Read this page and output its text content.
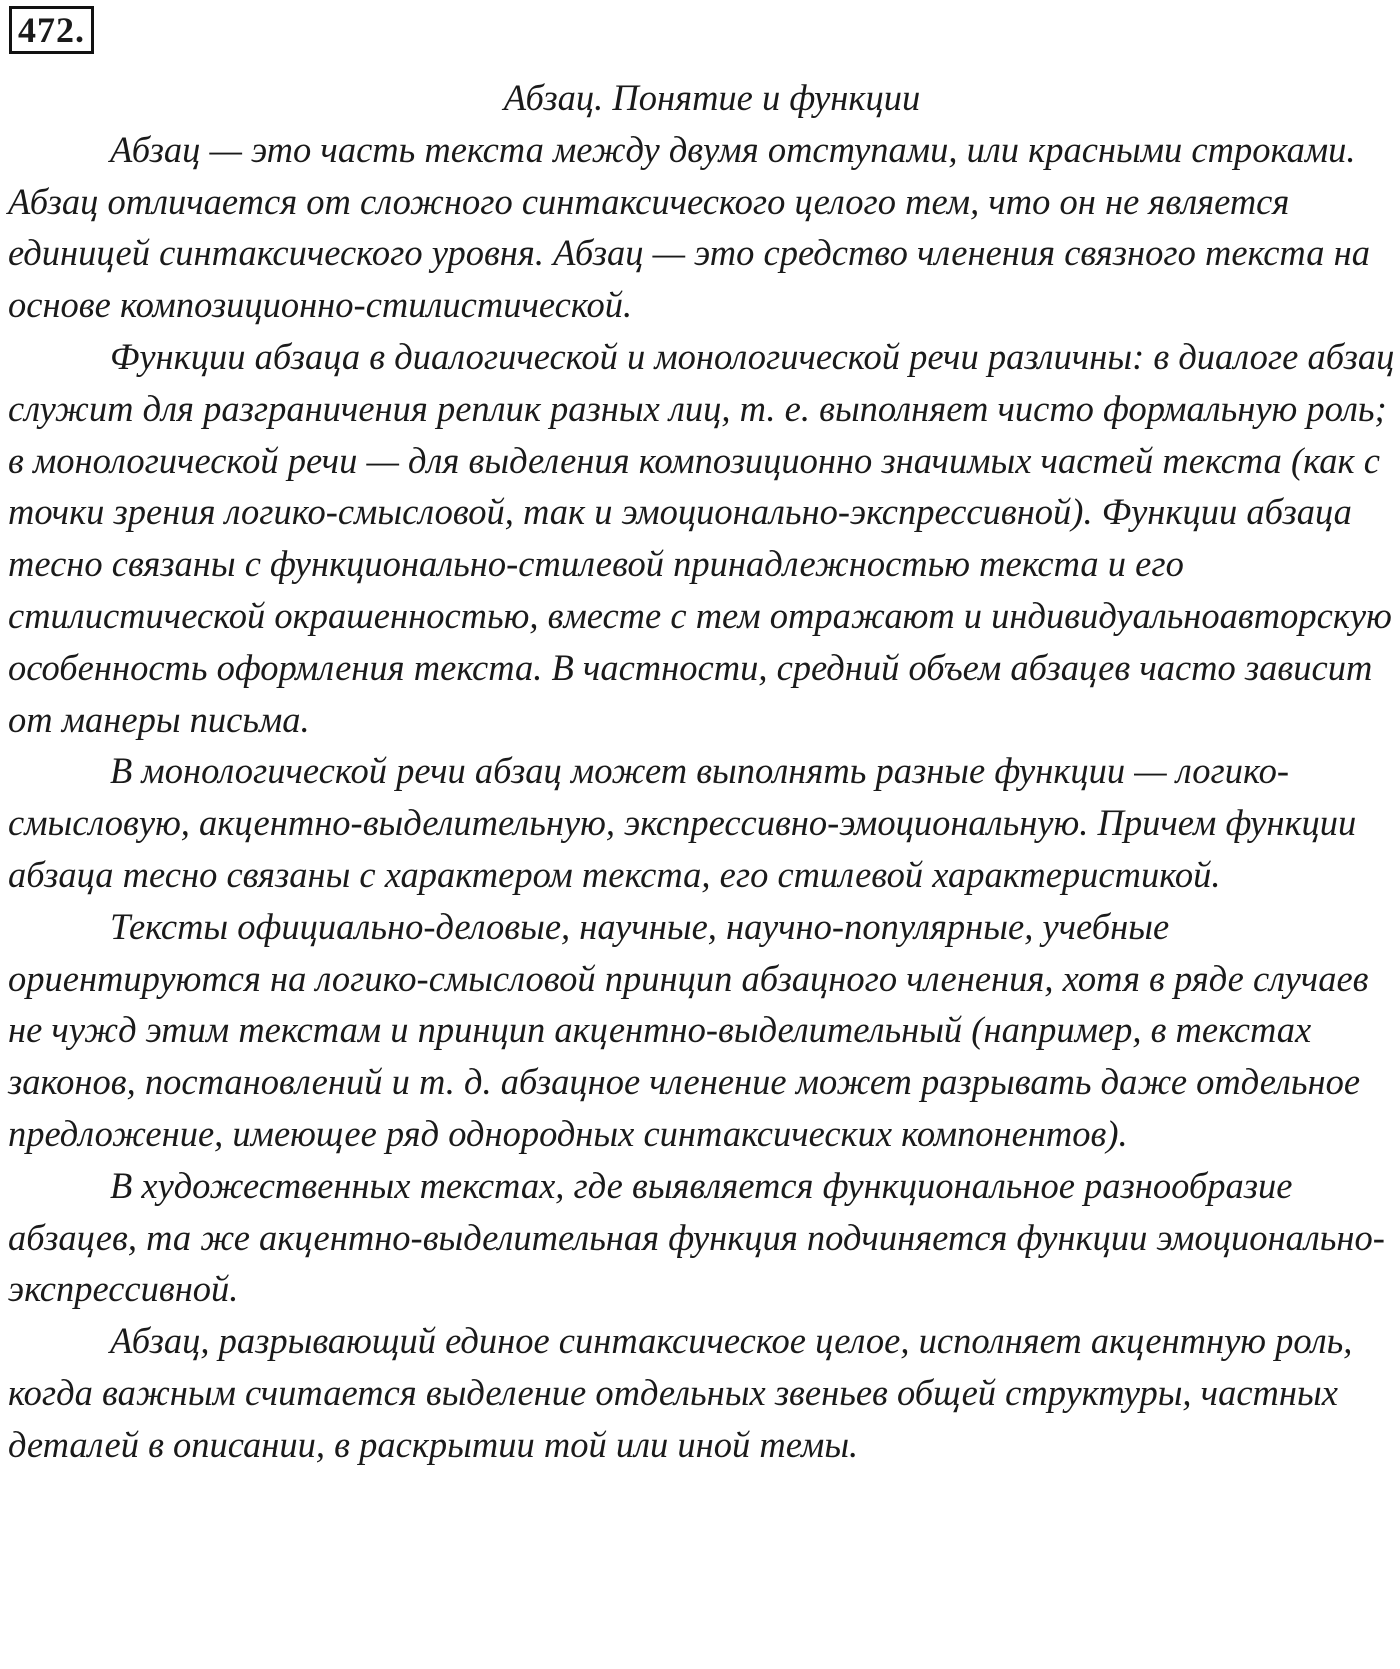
472.
Абзац. Понятие и функции

Абзац — это часть текста между двумя отступами, или красными строками. Абзац отличается от сложного синтаксического целого тем, что он не является единицей синтаксического уровня. Абзац — это средство членения связного текста на основе композиционно-стилистической.

Функции абзаца в диалогической и монологической речи различны: в диалоге абзац служит для разграничения реплик разных лиц, т. е. выполняет чисто формальную роль; в монологической речи — для выделения композиционно значимых частей текста (как с точки зрения логико-смысловой, так и эмоционально-экспрессивной). Функции абзаца тесно связаны с функционально-стилевой принадлежностью текста и его стилистической окрашенностью, вместе с тем отражают и индивидуальноавторскую особенность оформления текста. В частности, средний объем абзацев часто зависит от манеры письма.

В монологической речи абзац может выполнять разные функции — логико-смысловую, акцентно-выделительную, экспрессивно-эмоциональную. Причем функции абзаца тесно связаны с характером текста, его стилевой характеристикой.

Тексты официально-деловые, научные, научно-популярные, учебные ориентируются на логико-смысловой принцип абзацного членения, хотя в ряде случаев не чужд этим текстам и принцип акцентно-выделительный (например, в текстах законов, постановлений и т. д. абзацное членение может разрывать даже отдельное предложение, имеющее ряд однородных синтаксических компонентов).

В художественных текстах, где выявляется функциональное разнообразие абзацев, та же акцентно-выделительная функция подчиняется функции эмоционально-экспрессивной.

Абзац, разрывающий единое синтаксическое целое, исполняет акцентную роль, когда важным считается выделение отдельных звеньев общей структуры, частных деталей в описании, в раскрытии той или иной темы.
